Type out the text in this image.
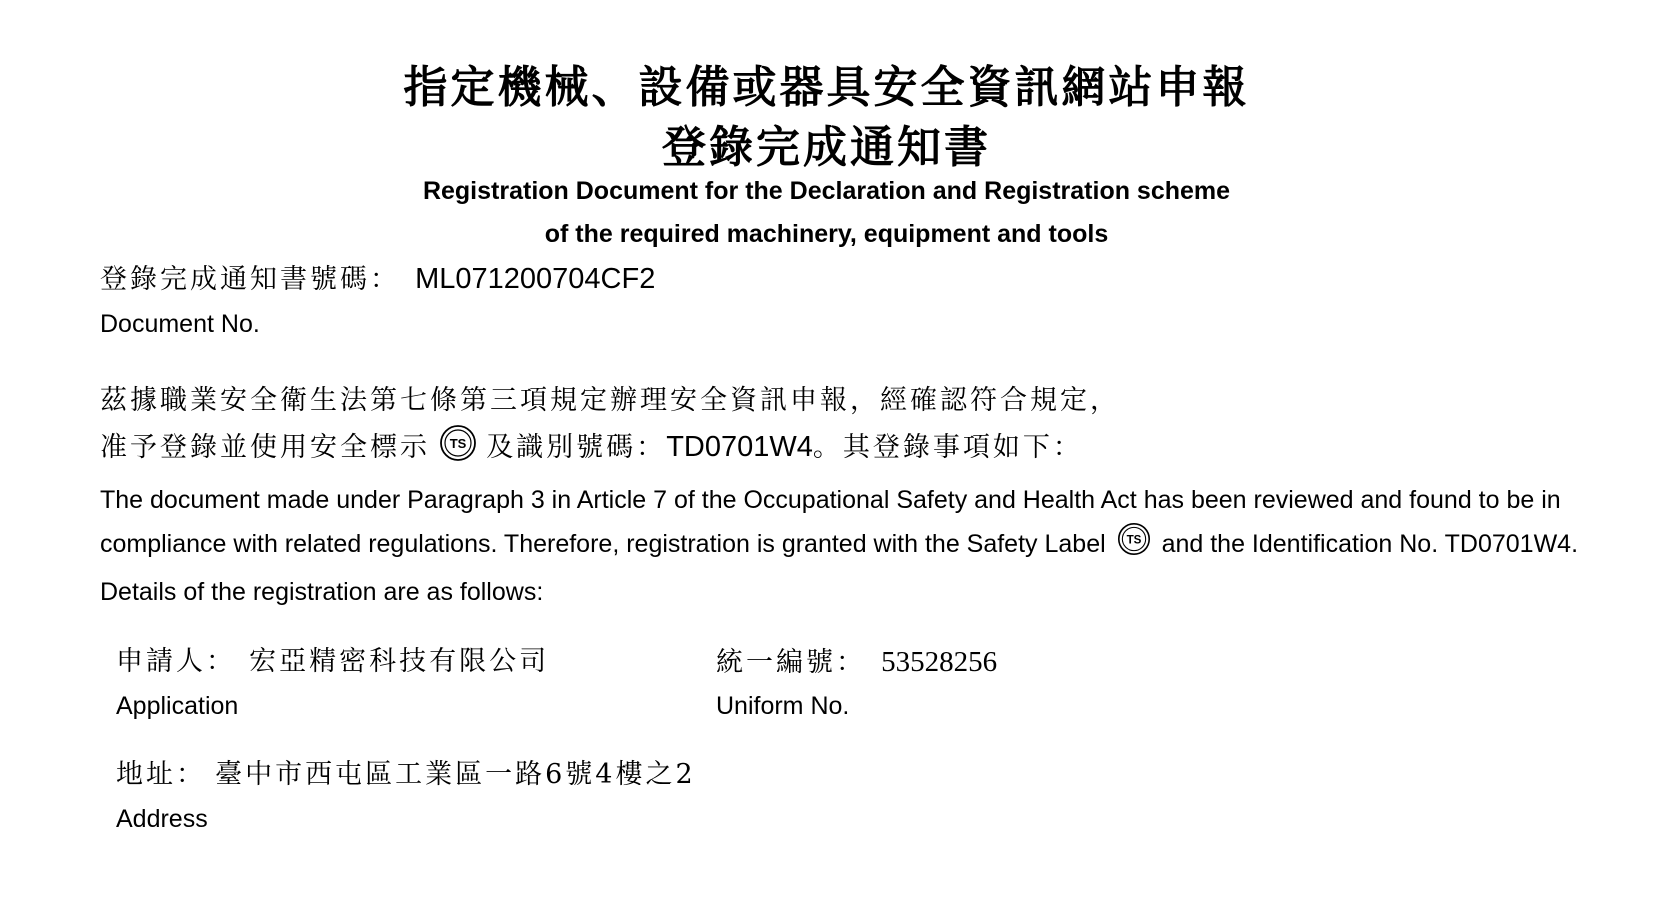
指定機械、設備或器具安全資訊網站申報
登錄完成通知書
Registration Document for the Declaration and Registration scheme
of the required machinery, equipment and tools
登錄完成通知書號碼： ML071200704CF2
Document No.
茲據職業安全衛生法第七條第三項規定辦理安全資訊申報，經確認符合規定，
准予登錄並使用安全標示 TS 及識別號碼：TD0701W4。其登錄事項如下：
The document made under Paragraph 3 in Article 7 of the Occupational Safety and Health Act has been reviewed and found to be in compliance with related regulations. Therefore, registration is granted with the Safety Label TS and the Identification No. TD0701W4. Details of the registration are as follows:
申請人： 宏亞精密科技有限公司
Application
統一編號： 53528256
Uniform No.
地址： 臺中市西屯區工業區一路6號4樓之2
Address
